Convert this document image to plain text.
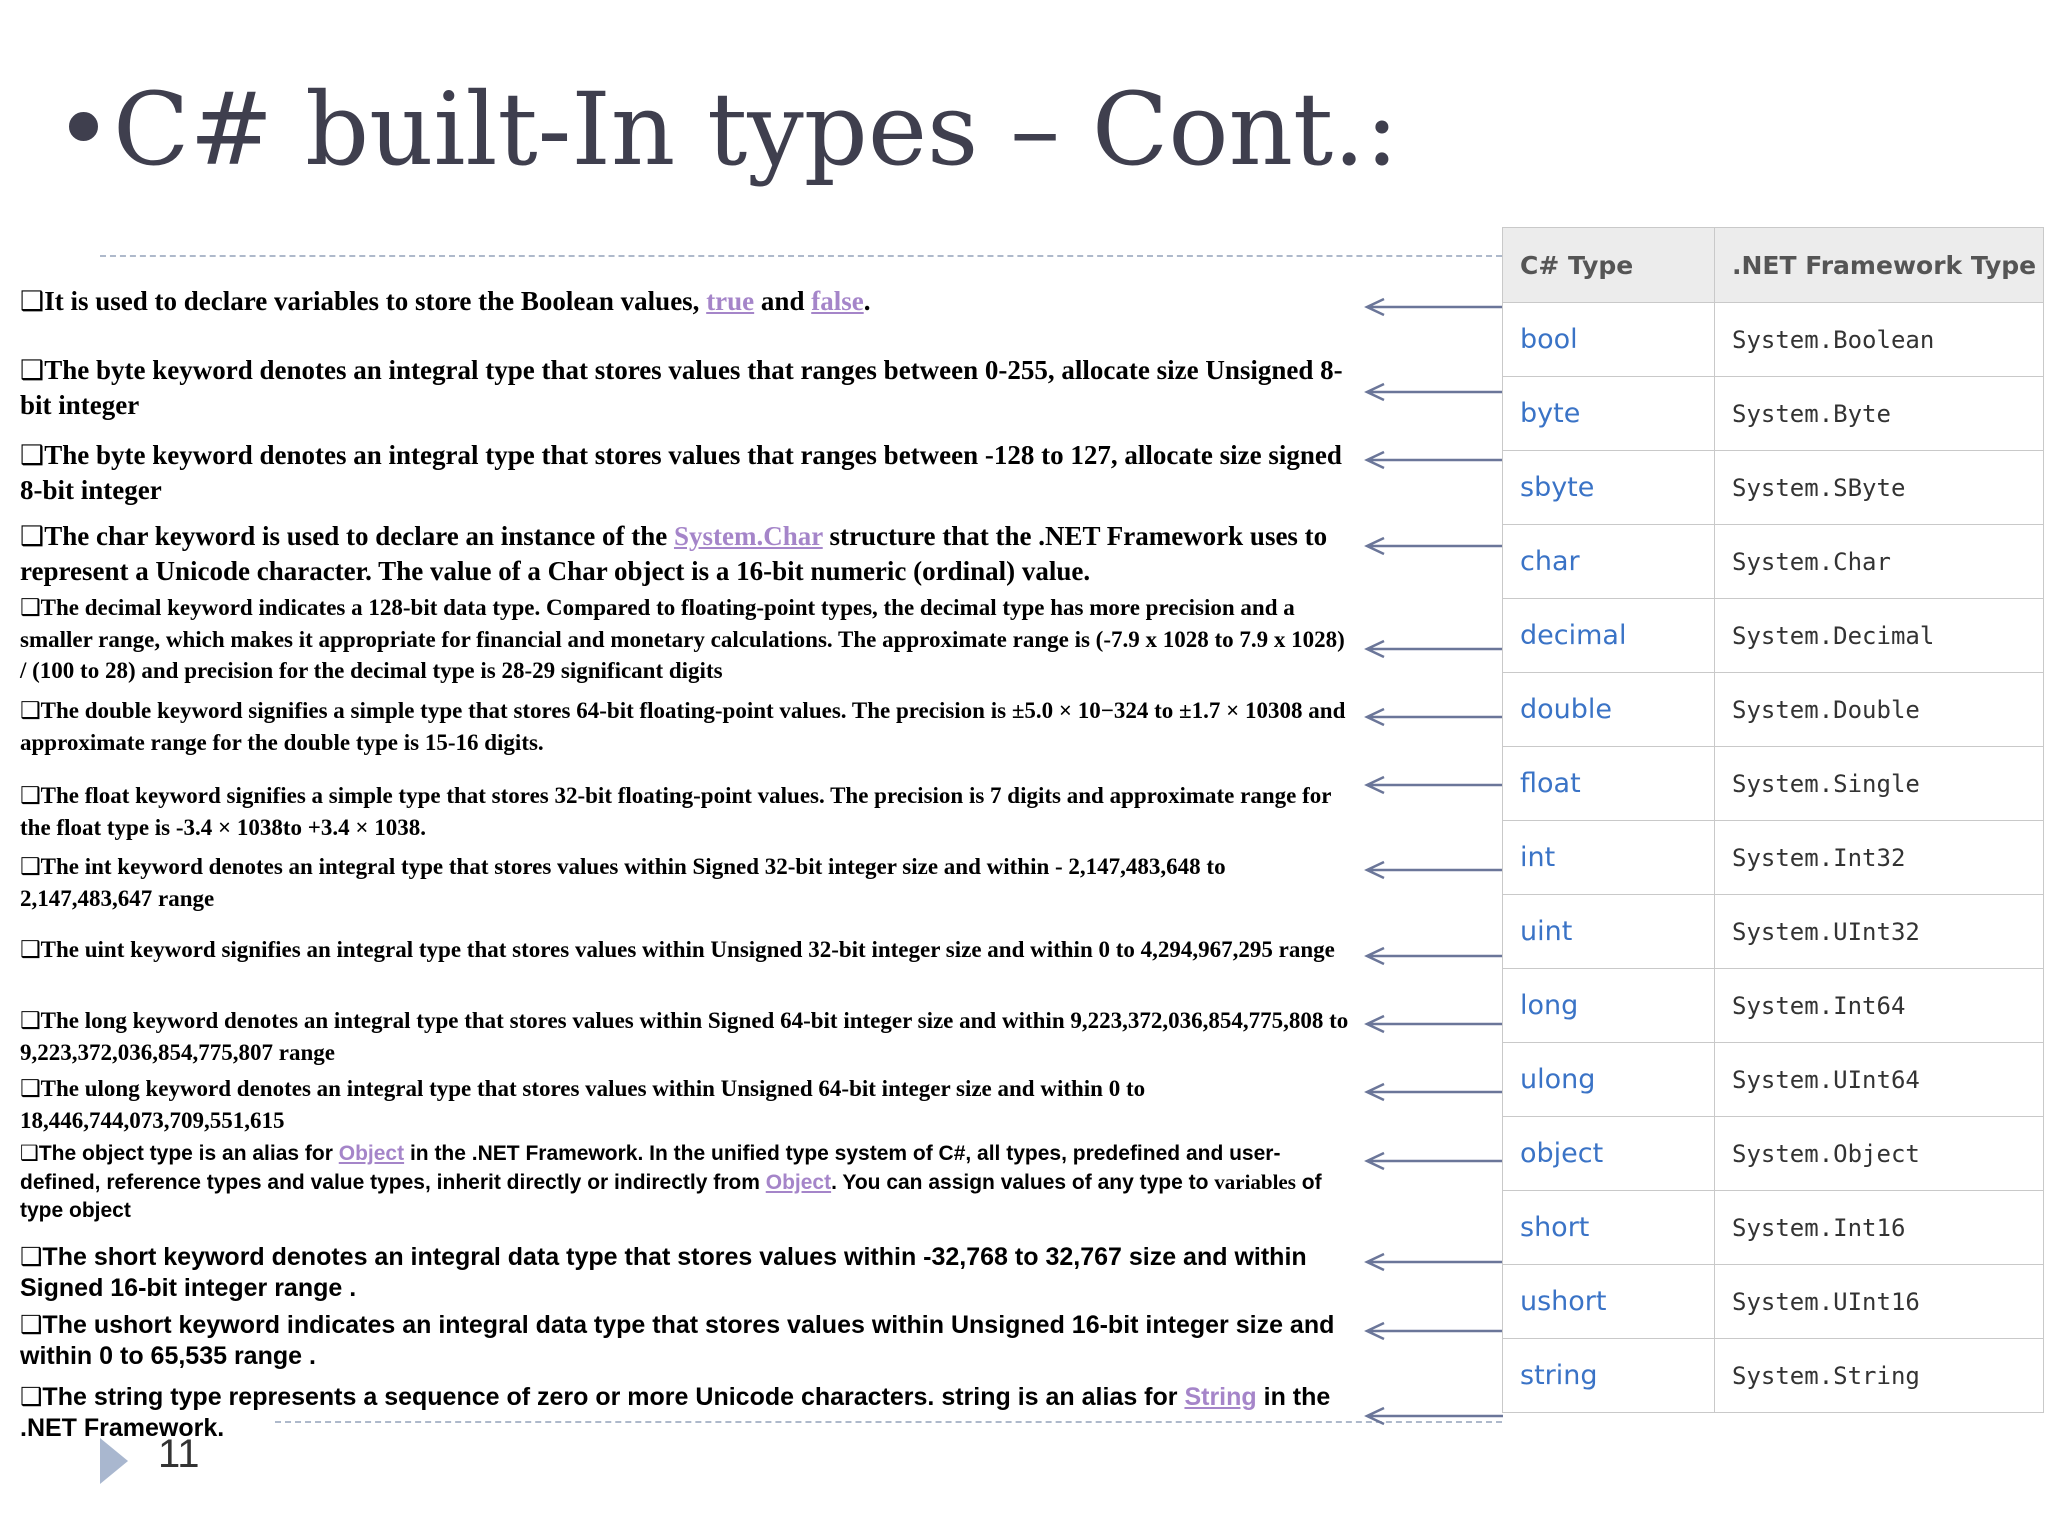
•C# built-In types – Cont.:

❑It is used to declare variables to store the Boolean values, true and false.

❑The byte keyword denotes an integral type that stores values that ranges between 0-255, allocate size Unsigned 8-bit integer

❑The byte keyword denotes an integral type that stores values that ranges between -128 to 127, allocate size signed 8-bit integer

❑The char keyword is used to declare an instance of the System.Char structure that the .NET Framework uses to represent a Unicode character. The value of a Char object is a 16-bit numeric (ordinal) value.

❑The decimal keyword indicates a 128-bit data type. Compared to floating-point types, the decimal type has more precision and a smaller range, which makes it appropriate for financial and monetary calculations. The approximate range is (-7.9 x 1028 to 7.9 x 1028) / (100 to 28) and precision for the decimal type is 28-29 significant digits

❑The double keyword signifies a simple type that stores 64-bit floating-point values. The precision is ±5.0 × 10−324 to ±1.7 × 10308 and approximate range for the double type is 15-16 digits.

❑The float keyword signifies a simple type that stores 32-bit floating-point values. The precision is 7 digits and approximate range for the float type is -3.4 × 1038to +3.4 × 1038.

❑The int keyword denotes an integral type that stores values within Signed 32-bit integer size and within - 2,147,483,648 to 2,147,483,647 range

❑The uint keyword signifies an integral type that stores values within Unsigned 32-bit integer size and within 0 to 4,294,967,295 range

❑The long keyword denotes an integral type that stores values within Signed 64-bit integer size and within 9,223,372,036,854,775,808 to 9,223,372,036,854,775,807 range

❑The ulong keyword denotes an integral type that stores values within Unsigned 64-bit integer size and within 0 to 18,446,744,073,709,551,615

❑The object type is an alias for Object in the .NET Framework. In the unified type system of C#, all types, predefined and user-defined, reference types and value types, inherit directly or indirectly from Object. You can assign values of any type to variables of type object

❑The short keyword denotes an integral data type that stores values within -32,768 to 32,767 size and within Signed 16-bit integer range .

❑The ushort keyword indicates an integral data type that stores values within Unsigned 16-bit integer size and within 0 to 65,535 range .

❑The string type represents a sequence of zero or more Unicode characters. string is an alias for String in the .NET Framework.

C# Type	.NET Framework Type
bool	System.Boolean
byte	System.Byte
sbyte	System.SByte
char	System.Char
decimal	System.Decimal
double	System.Double
float	System.Single
int	System.Int32
uint	System.UInt32
long	System.Int64
ulong	System.UInt64
object	System.Object
short	System.Int16
ushort	System.UInt16
string	System.String
11
